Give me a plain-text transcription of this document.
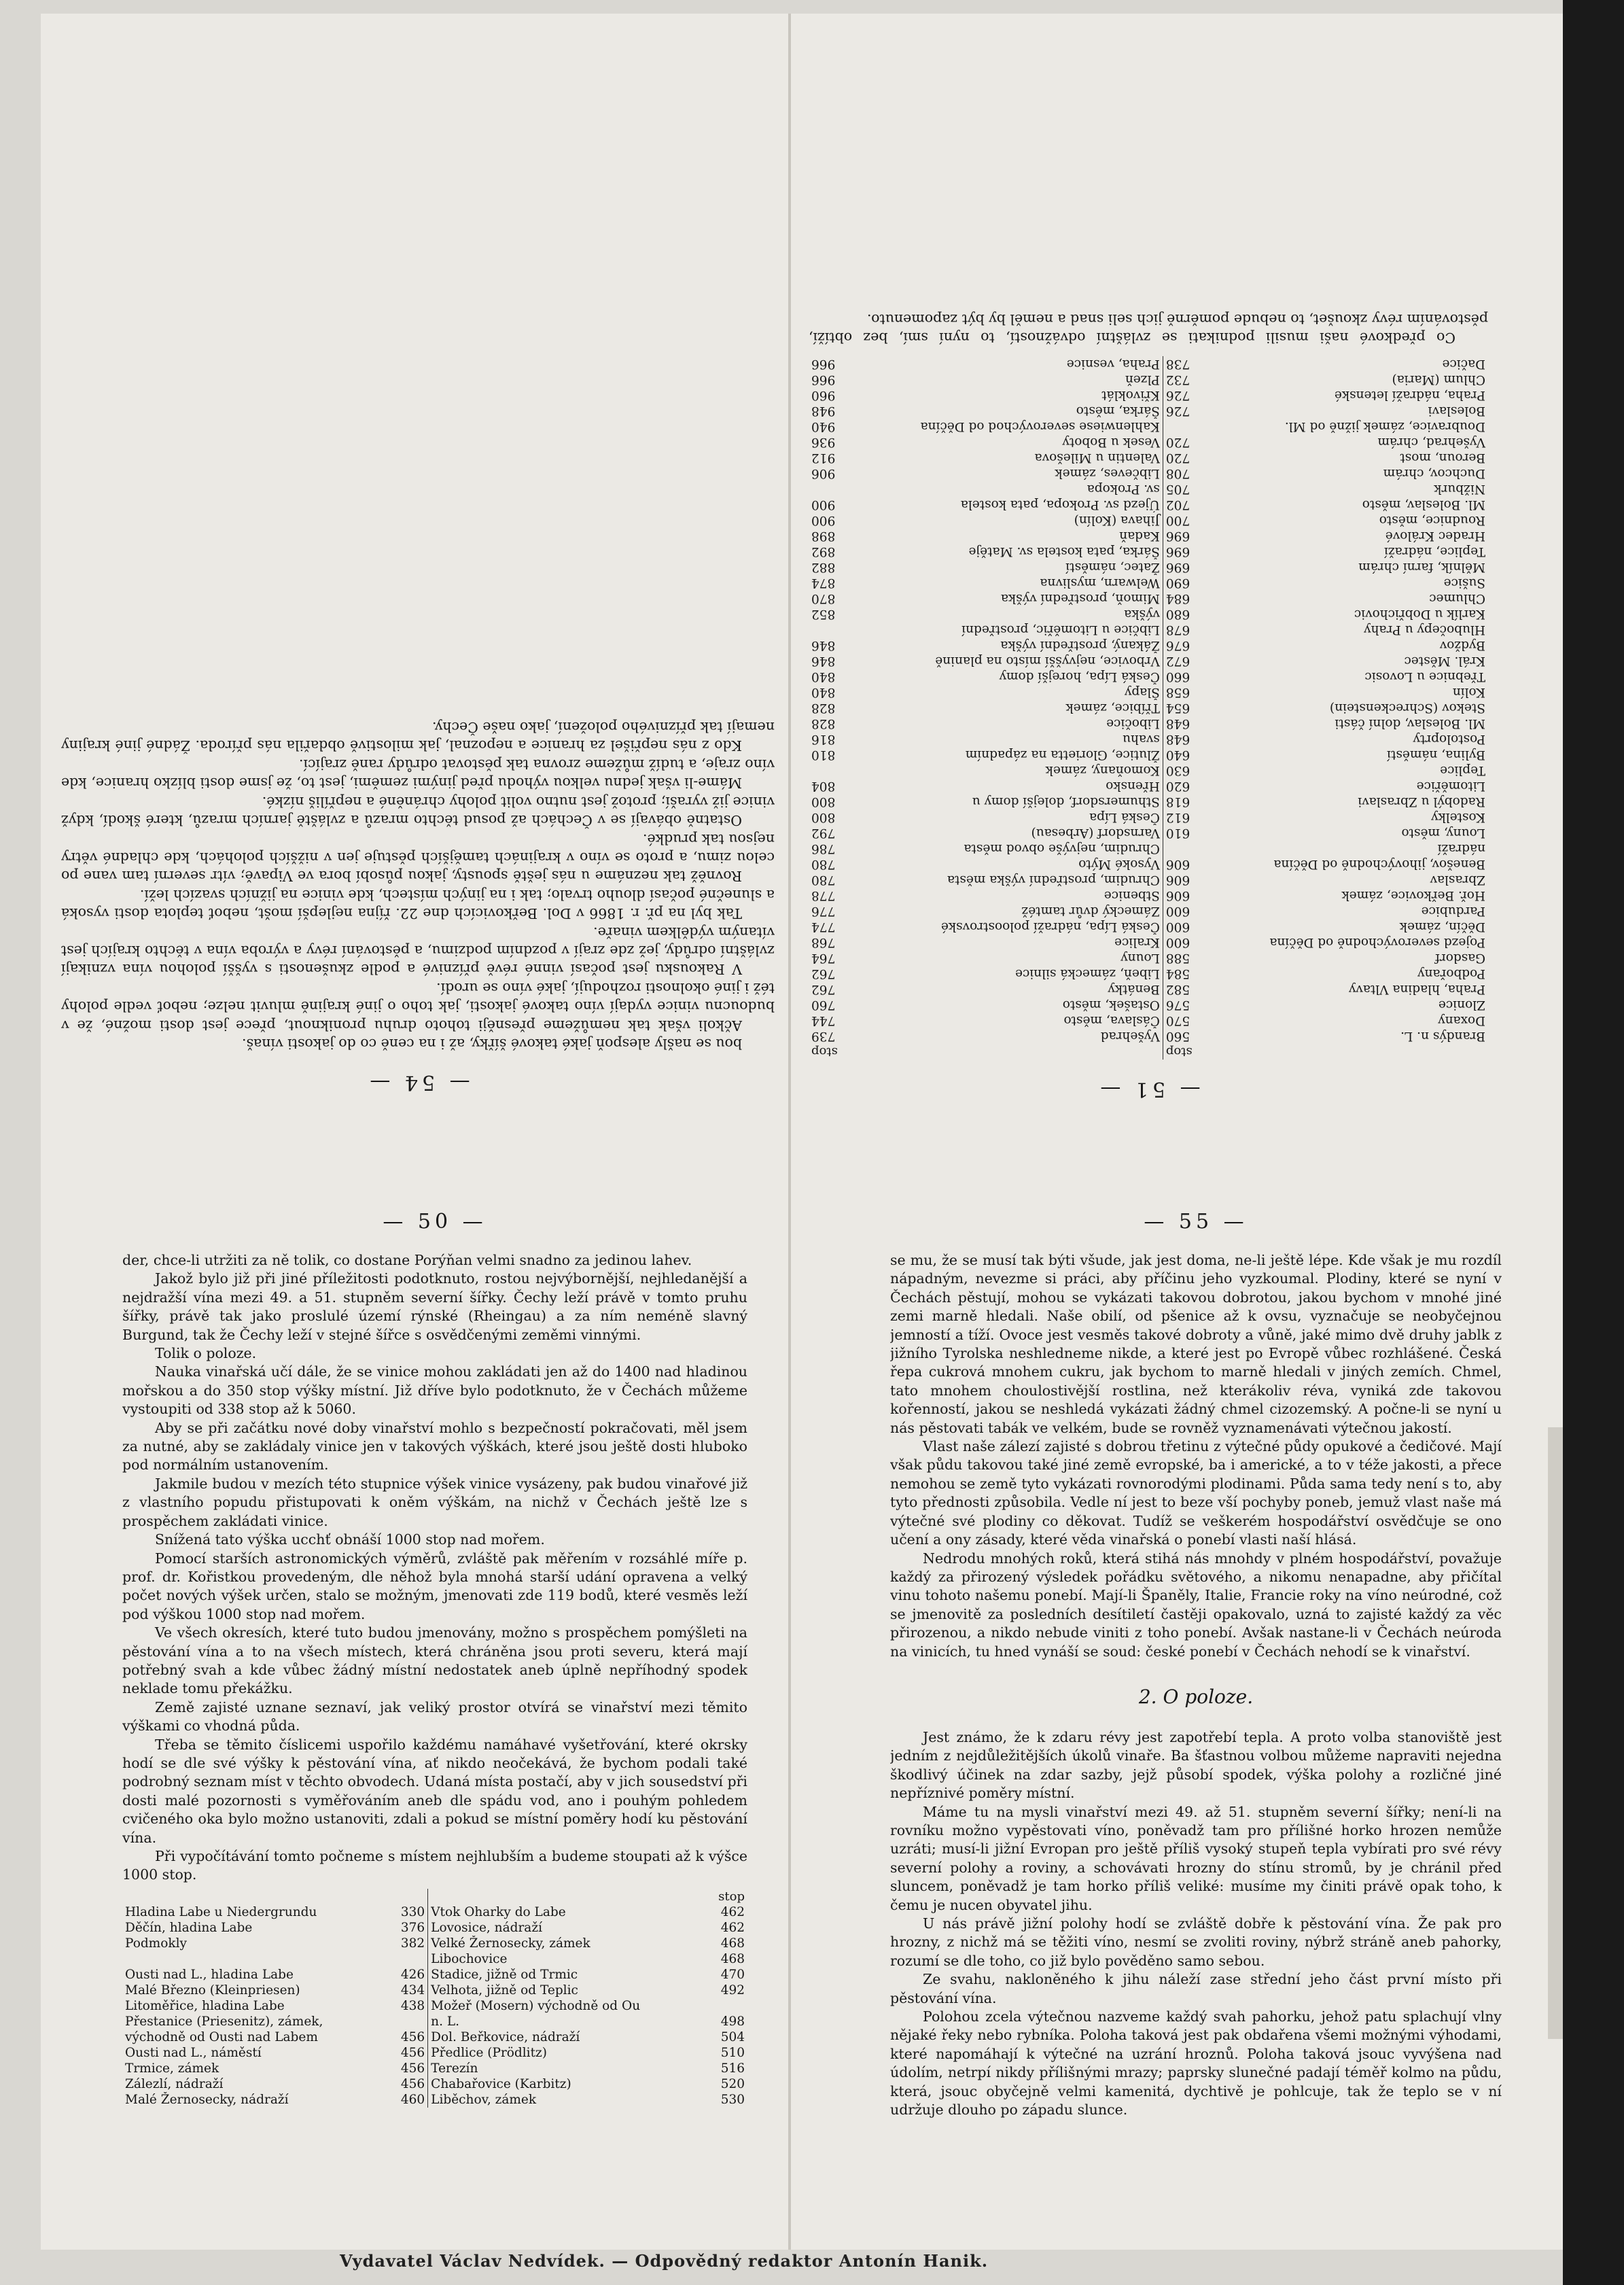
— 54 —
bou se našly alespoň jaké takové šířky, až i na ceně co do jakosti vínaš.
Ačkoli však tak nemůžeme přesněji tohoto druhu proniknout, přece jest dosti možné, že v budoucnu vinice vydají víno takové jakosti, jak toho o jiné krajině mluvit nelze; neboť vedle polohy též i jiné okolnosti rozhodují, jaké víno se urodí.
V Rakousku jest počasí vinné révě příznivé a podle zkušenosti s vyšší polohou vína vznikají zvláštní odrůdy, jež zde zrají v pozdním podzimu, a pěstování révy a výroba vína v těchto krajích jest vítaným výdělkem vinaře.
Tak byl na př. r. 1866 v Dol. Beřkovicích dne 22. října nejlepší mošt, neboť teplota dosti vysoká a slunečné počasí dlouho trvalo; tak i na jiných místech, kde vinice na jižních svazích leží.
Rovněž tak neznáme u nás ještě spousty, jakou působí bora ve Vipavě; vítr severní tam vane po celou zimu, a proto se víno v krajinách tamějších pěstuje jen v nižších polohách, kde chladné větry nejsou tak prudké.
Ostatně obávají se v Čechách až posud těchto mrazů a zvláště jarních mrazů, které škodí, když vinice již vyraší; protož jest nutno volit polohy chráněné a nepříliš nízké.
Máme-li však jednu velkou výhodu před jinými zeměmi, jest to, že jsme dosti blízko hranice, kde víno zraje, a tudíž můžeme zrovna tak pěstovat odrůdy raně zrající.
Kdo z nás nepřišel za hranice a nepoznal, jak milostivě obdařila nás příroda. Žádné jiné krajiny nemají tak příznivého položení, jako naše Čechy.
— 51 —
	stop		stop
Brandýs n. L.	560	Vyšehrad	739
Doxany	570	Čáslava, město	744
Zlonice	576	Ostašek, město	760
Praha, hladina Vltavy	582	Benátky	762
Podbořany	584	Libeň, zámecká silnice	762
Gasdorf	588	Louny	764
Pojezd severovýchodně od Děčína	600	Kralice	768
Děčín, zámek	600	Česká Lípa, nádraží poloostrovské	774
Pardubice	600	Zámecký dvůr tamtéž	776
Hoř. Beřkovice, zámek	606	Stbenice	778
Zbraslav	606	Chrudim, prostřední výška města	780
Benešov, jihovýchodně od Děčína	606	Vysoké Mýto	780
nádraží		Chrudim, nejvýše obvod města	786
Louny, město	610	Varnsdorf (Arbesau)	792
Kostelky	612	Česká Lípa	800
Radobýl u Zbraslavi	618	Sthumersdorf, dolejší domy u	800
Litoměřice	620	Hřensko	804
Teplice	630	Komoňany, zámek	
Bylina, náměstí	640	Žlutice, Glorietta na západním	810
Postoloprty	648	svahu	816
Ml. Boleslav, dolní části	648	Libočice	828
Stekov (Schreckenstein)	654	Tříbice, zámek	828
Kolín	658	Šlapy	840
Třebnice u Lovosic	660	Česká Lípa, horejší domy	840
Král. Městec	672	Vrbovice, nejvyšší místo na planině	846
Bydžov	676	Žákaný, prostřední výška	846
Hlubočepy u Prahy	678	Libčice u Litoměřic, prostřední	
Karlík u Dobřichovic	680	výška	852
Chlumec	684	Mimoň, prostřední výška	870
Sušice	690	Welwarn, myslivna	874
Mělník, farní chrám	696	Žatec, náměstí	882
Teplice, nádraží	696	Šárka, pata kostela sv. Matěje	892
Hradec Králové	696	Kadaň	898
Roudnice, město	700	Jihava (Kolín)	900
Ml. Boleslav, město	702	Újezd sv. Prokopa, pata kostela	900
Nižburk	705	sv. Prokopa	
Duchcov, chrám	708	Libčeves, zámek	906
Beroun, most	720	Valentin u Milešova	912
Vyšehrad, chrám	720	Vesek u Boboty	936
Doubravice, zámek jižně od Ml.		Kahlenwiese severovýchod od Děčína	940
Boleslavi	726	Šárka, město	948
Praha, nádraží letenské	726	Křivoklát	960
Chlum (Maria)	732	Plzeň	966
Dačice	738	Praha, vesnice	966
Co předkové naši musili podnikati se zvláštní odvážností, to nyní smí, bez obtíží, pěstováním révy zkoušet, to nebude poměrně jich seli snad a neměl by být zapomenuto.
— 50 —
der, chce-li utržiti za ně tolik, co dostane Porýňan velmi snadno za jedinou lahev.
Jakož bylo již při jiné příležitosti podotknuto, rostou nejvýbornější, nejhledanější a nejdražší vína mezi 49. a 51. stupněm severní šířky. Čechy leží právě v tomto pruhu šířky, právě tak jako proslulé území rýnské (Rheingau) a za ním neméně slavný Burgund, tak že Čechy leží v stejné šířce s osvědčenými zeměmi vinnými.
Tolik o poloze.
Nauka vinařská učí dále, že se vinice mohou zakládati jen až do 1400 nad hladinou mořskou a do 350 stop výšky místní. Již dříve bylo podotknuto, že v Čechách můžeme vystoupiti od 338 stop až k 5060.
Aby se při začátku nové doby vinařství mohlo s bezpečností pokračovati, měl jsem za nutné, aby se zakládaly vinice jen v takových výškách, které jsou ještě dosti hluboko pod normálním ustanovením.
Jakmile budou v mezích této stupnice výšek vinice vysázeny, pak budou vinařové již z vlastního popudu přistupovati k oněm výškám, na nichž v Čechách ještě lze s prospěchem zakládati vinice.
Snížená tato výška ucchť obnáší 1000 stop nad mořem.
Pomocí starších astronomických výměrů, zvláště pak měřením v rozsáhlé míře p. prof. dr. Kořistkou provedeným, dle něhož byla mnohá starší udání opravena a velký počet nových výšek určen, stalo se možným, jmenovati zde 119 bodů, které vesměs leží pod výškou 1000 stop nad mořem.
Ve všech okresích, které tuto budou jmenovány, možno s prospěchem pomýšleti na pěstování vína a to na všech místech, která chráněna jsou proti severu, která mají potřebný svah a kde vůbec žádný místní nedostatek aneb úplně nepříhodný spodek neklade tomu překážku.
Země zajisté uznane seznaví, jak veliký prostor otvírá se vinařství mezi těmito výškami co vhodná půda.
Třeba se těmito číslicemi uspořilo každému namáhavé vyšetřování, které okrsky hodí se dle své výšky k pěstování vína, ať nikdo neočekává, že bychom podali také podrobný seznam míst v těchto obvodech. Udaná místa postačí, aby v jich sousedství při dosti malé pozornosti s vyměřováním aneb dle spádu vod, ano i pouhým pohledem cvičeného oka bylo možno ustanoviti, zdali a pokud se místní poměry hodí ku pěstování vína.
Při vypočítávání tomto počneme s místem nejhlubším a budeme stoupati až k výšce 1000 stop.
			stop
Hladina Labe u Niedergrundu	330	Vtok Oharky do Labe	462
Děčín, hladina Labe	376	Lovosice, nádraží	462
Podmokly	382	Velké Žernosecky, zámek	468
		Libochovice	468
Ousti nad L., hladina Labe	426	Stadice, jižně od Trmic	470
Malé Březno (Kleinpriesen)	434	Velhota, jižně od Teplic	492
Litoměřice, hladina Labe	438	Možeř (Mosern) východně od Ou	
Přestanice (Priesenitz), zámek,		n. L.	498
východně od Ousti nad Labem	456	Dol. Beřkovice, nádraží	504
Ousti nad L., náměstí	456	Předlice (Prödlitz)	510
Trmice, zámek	456	Terezín	516
Zálezlí, nádraží	456	Chabařovice (Karbitz)	520
Malé Žernosecky, nádraží	460	Liběchov, zámek	530
— 55 —
se mu, že se musí tak býti všude, jak jest doma, ne-li ještě lépe. Kde však je mu rozdíl nápadným, nevezme si práci, aby příčinu jeho vyzkoumal. Plodiny, které se nyní v Čechách pěstují, mohou se vykázati takovou dobrotou, jakou bychom v mnohé jiné zemi marně hledali. Naše obilí, od pšenice až k ovsu, vyznačuje se neobyčejnou jemností a tíží. Ovoce jest vesměs takové dobroty a vůně, jaké mimo dvě druhy jablk z jižního Tyrolska neshledneme nikde, a které jest po Evropě vůbec rozhlášené. Česká řepa cukrová mnohem cukru, jak bychom to marně hledali v jiných zemích. Chmel, tato mnohem choulostivější rostlina, než kterákoliv réva, vyniká zde takovou kořenností, jakou se neshledá vykázati žádný chmel cizozemský. A počne-li se nyní u nás pěstovati tabák ve velkém, bude se rovněž vyznamenávati výtečnou jakostí.
Vlast naše zálezí zajisté s dobrou třetinu z výtečné půdy opukové a čedičové. Mají však půdu takovou také jiné země evropské, ba i americké, a to v téže jakosti, a přece nemohou se země tyto vykázati rovnorodými plodinami. Půda sama tedy není s to, aby tyto přednosti způsobila. Vedle ní jest to beze vší pochyby poneb, jemuž vlast naše má výtečné své plodiny co děkovat. Tudíž se veškerém hospodářství osvědčuje se ono učení a ony zásady, které věda vinařská o ponebí vlasti naší hlásá.
Nedrodu mnohých roků, která stihá nás mnohdy v plném hospodářství, považuje každý za přirozený výsledek pořádku světového, a nikomu nenapadne, aby přičítal vinu tohoto našemu ponebí. Mají-li Španěly, Italie, Francie roky na víno neúrodné, což se jmenovitě za posledních desítiletí častěji opakovalo, uzná to zajisté každý za věc přirozenou, a nikdo nebude viniti z toho ponebí. Avšak nastane-li v Čechách neúroda na vinicích, tu hned vynáší se soud: české ponebí v Čechách nehodí se k vinařství.
2. O poloze.
Jest známo, že k zdaru révy jest zapotřebí tepla. A proto volba stanoviště jest jedním z nejdůležitějších úkolů vinaře. Ba šťastnou volbou můžeme napraviti nejedna škodlivý účinek na zdar sazby, jejž působí spodek, výška polohy a rozličné jiné nepříznivé poměry místní.
Máme tu na mysli vinařství mezi 49. až 51. stupněm severní šířky; není-li na rovníku možno vypěstovati víno, poněvadž tam pro přílišné horko hrozen nemůže uzráti; musí-li jižní Evropan pro ještě příliš vysoký stupeň tepla vybírati pro své révy severní polohy a roviny, a schovávati hrozny do stínu stromů, by je chránil před sluncem, poněvadž je tam horko příliš veliké: musíme my činiti právě opak toho, k čemu je nucen obyvatel jihu.
U nás právě jižní polohy hodí se zvláště dobře k pěstování vína. Že pak pro hrozny, z nichž má se těžiti víno, nesmí se zvoliti roviny, nýbrž stráně aneb pahorky, rozumí se dle toho, co již bylo pověděno samo sebou.
Ze svahu, nakloněného k jihu náleží zase střední jeho část první místo při pěstování vína.
Polohou zcela výtečnou nazveme každý svah pahorku, jehož patu splachují vlny nějaké řeky nebo rybníka. Poloha taková jest pak obdařena všemi možnými výhodami, které napomáhají k výtečné na uzrání hroznů. Poloha taková jsouc vyvýšena nad údolím, netrpí nikdy přílišnými mrazy; paprsky slunečné padají téměř kolmo na půdu, která, jsouc obyčejně velmi kamenitá, dychtivě je pohlcuje, tak že teplo se v ní udržuje dlouho po západu slunce.
Vydavatel Václav Nedvídek. — Odpovědný redaktor Antonín Hanik.
